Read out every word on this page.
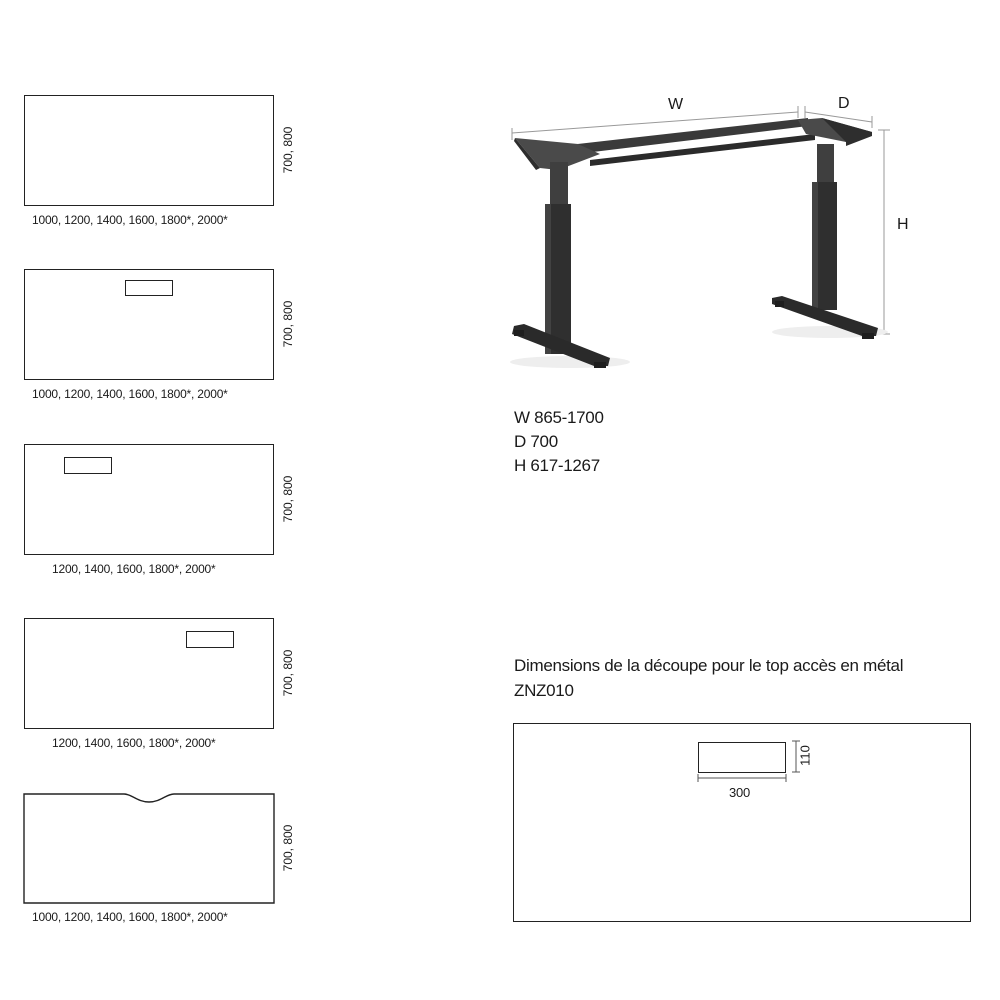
700, 800
1000, 1200, 1400, 1600, 1800*, 2000*
700, 800
1000, 1200, 1400, 1600, 1800*, 2000*
700, 800
1200, 1400, 1600, 1800*, 2000*
700, 800
1200, 1400, 1600, 1800*, 2000*
700, 800
1000, 1200, 1400, 1600, 1800*, 2000*
W	D
H
W 865-1700
D 700
H 617-1267
Dimensions de la découpe pour le top accès en métal
ZNZ010
300
110
